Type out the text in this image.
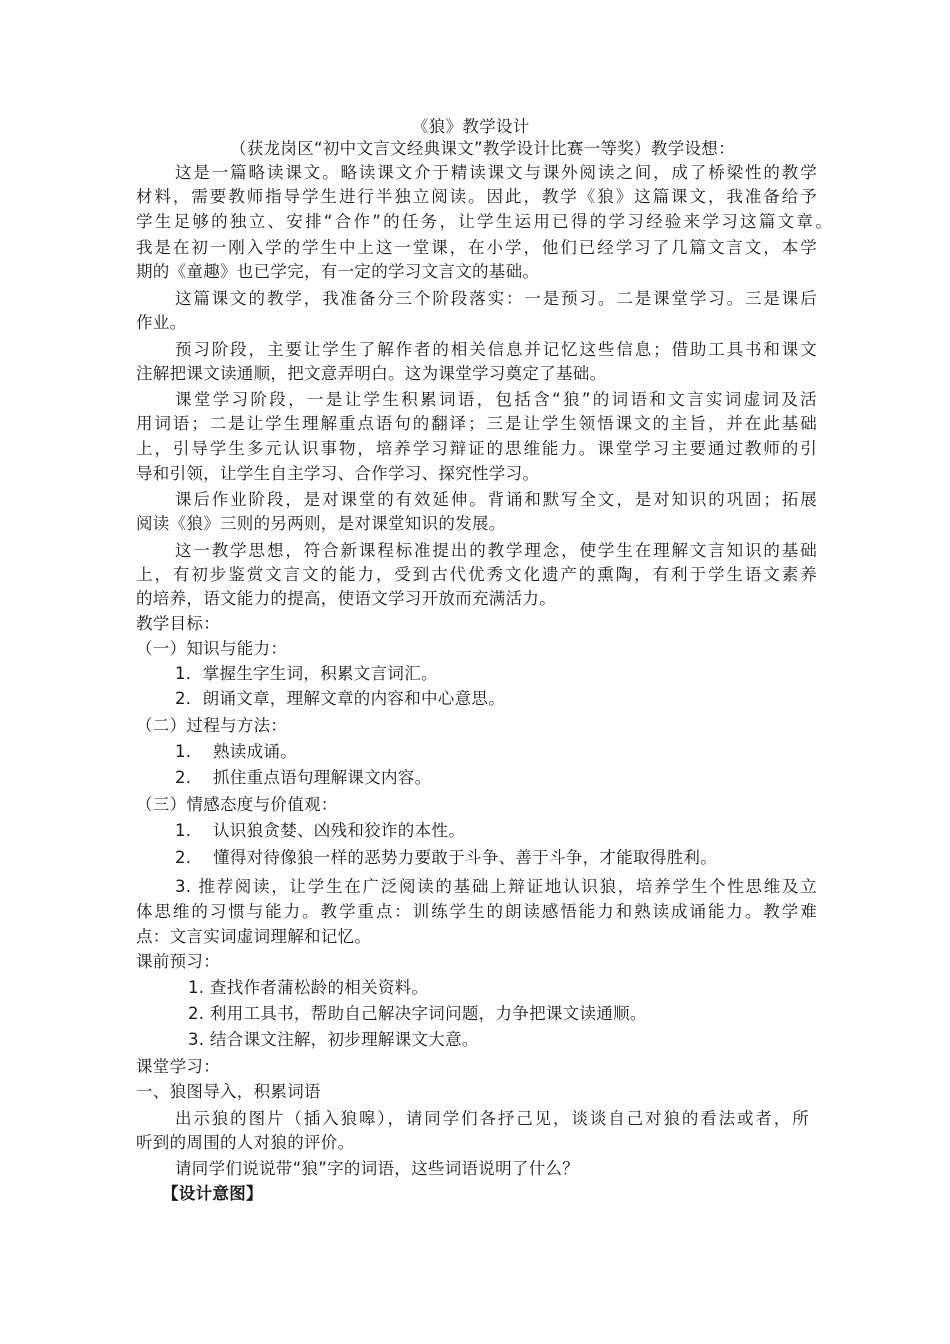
《狼》教学设计
（获龙岗区“初中文言文经典课文”教学设计比赛一等奖）教学设想：
这是一篇略读课文。略读课文介于精读课文与课外阅读之间，成了桥梁性的教学
材料，需要教师指导学生进行半独立阅读。因此，教学《狼》这篇课文，我准备给予
学生足够的独立、安排“合作”的任务，让学生运用已得的学习经验来学习这篇文章。
我是在初一刚入学的学生中上这一堂课，在小学，他们已经学习了几篇文言文，本学
期的《童趣》也已学完，有一定的学习文言文的基础。
这篇课文的教学，我准备分三个阶段落实：一是预习。二是课堂学习。三是课后
作业。
预习阶段，主要让学生了解作者的相关信息并记忆这些信息；借助工具书和课文
注解把课文读通顺，把文意弄明白。这为课堂学习奠定了基础。
课堂学习阶段，一是让学生积累词语，包括含“狼”的词语和文言实词虚词及活
用词语；二是让学生理解重点语句的翻译；三是让学生领悟课文的主旨，并在此基础
上，引导学生多元认识事物，培养学习辩证的思维能力。课堂学习主要通过教师的引
导和引领，让学生自主学习、合作学习、探究性学习。
课后作业阶段，是对课堂的有效延伸。背诵和默写全文，是对知识的巩固；拓展
阅读《狼》三则的另两则，是对课堂知识的发展。
这一教学思想，符合新课程标准提出的教学理念，使学生在理解文言知识的基础
上，有初步鉴赏文言文的能力，受到古代优秀文化遗产的熏陶，有利于学生语文素养
的培养，语文能力的提高，使语文学习开放而充满活力。
教学目标：
（一）知识与能力：
1．掌握生字生词，积累文言词汇。
2．朗诵文章，理解文章的内容和中心意思。
（二）过程与方法：
1. 熟读成诵。
2. 抓住重点语句理解课文内容。
（三）情感态度与价值观：
1. 认识狼贪婪、凶残和狡诈的本性。
2. 懂得对待像狼一样的恶势力要敢于斗争、善于斗争，才能取得胜利。
3. 推荐阅读，让学生在广泛阅读的基础上辩证地认识狼，培养学生个性思维及立
体思维的习惯与能力。教学重点：训练学生的朗读感悟能力和熟读成诵能力。教学难
点：文言实词虚词理解和记忆。
课前预习：
1. 查找作者蒲松龄的相关资料。
2. 利用工具书，帮助自己解决字词问题，力争把课文读通顺。
3. 结合课文注解，初步理解课文大意。
课堂学习：
一、狼图导入，积累词语
出示狼的图片（插入狼嗥），请同学们各抒己见，谈谈自己对狼的看法或者，所
听到的周围的人对狼的评价。
请同学们说说带“狼”字的词语，这些词语说明了什么？
【设计意图】
